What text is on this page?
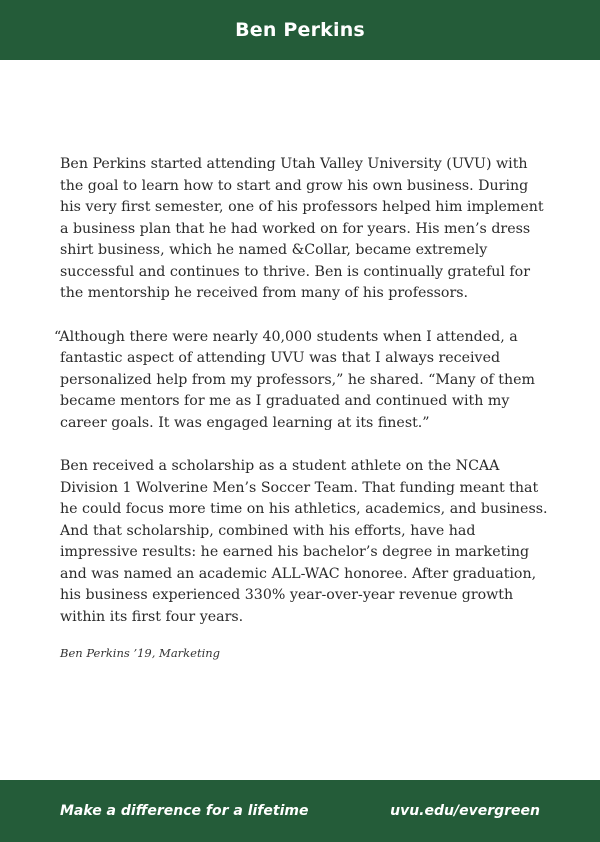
Ben Perkins

Ben Perkins started attending Utah Valley University (UVU) with the goal to learn how to start and grow his own business. During his very first semester, one of his professors helped him implement a business plan that he had worked on for years. His men’s dress shirt business, which he named &Collar, became extremely successful and continues to thrive. Ben is continually grateful for the mentorship he received from many of his professors.

“Although there were nearly 40,000 students when I attended, a fantastic aspect of attending UVU was that I always received personalized help from my professors,” he shared. “Many of them became mentors for me as I graduated and continued with my career goals. It was engaged learning at its finest.”

Ben received a scholarship as a student athlete on the NCAA Division 1 Wolverine Men’s Soccer Team. That funding meant that he could focus more time on his athletics, academics, and business. And that scholarship, combined with his efforts, have had impressive results: he earned his bachelor’s degree in marketing and was named an academic ALL-WAC honoree. After graduation, his business experienced 330% year-over-year revenue growth within its first four years.

Ben Perkins ’19, Marketing
Make a difference for a lifetime	uvu.edu/evergreen
